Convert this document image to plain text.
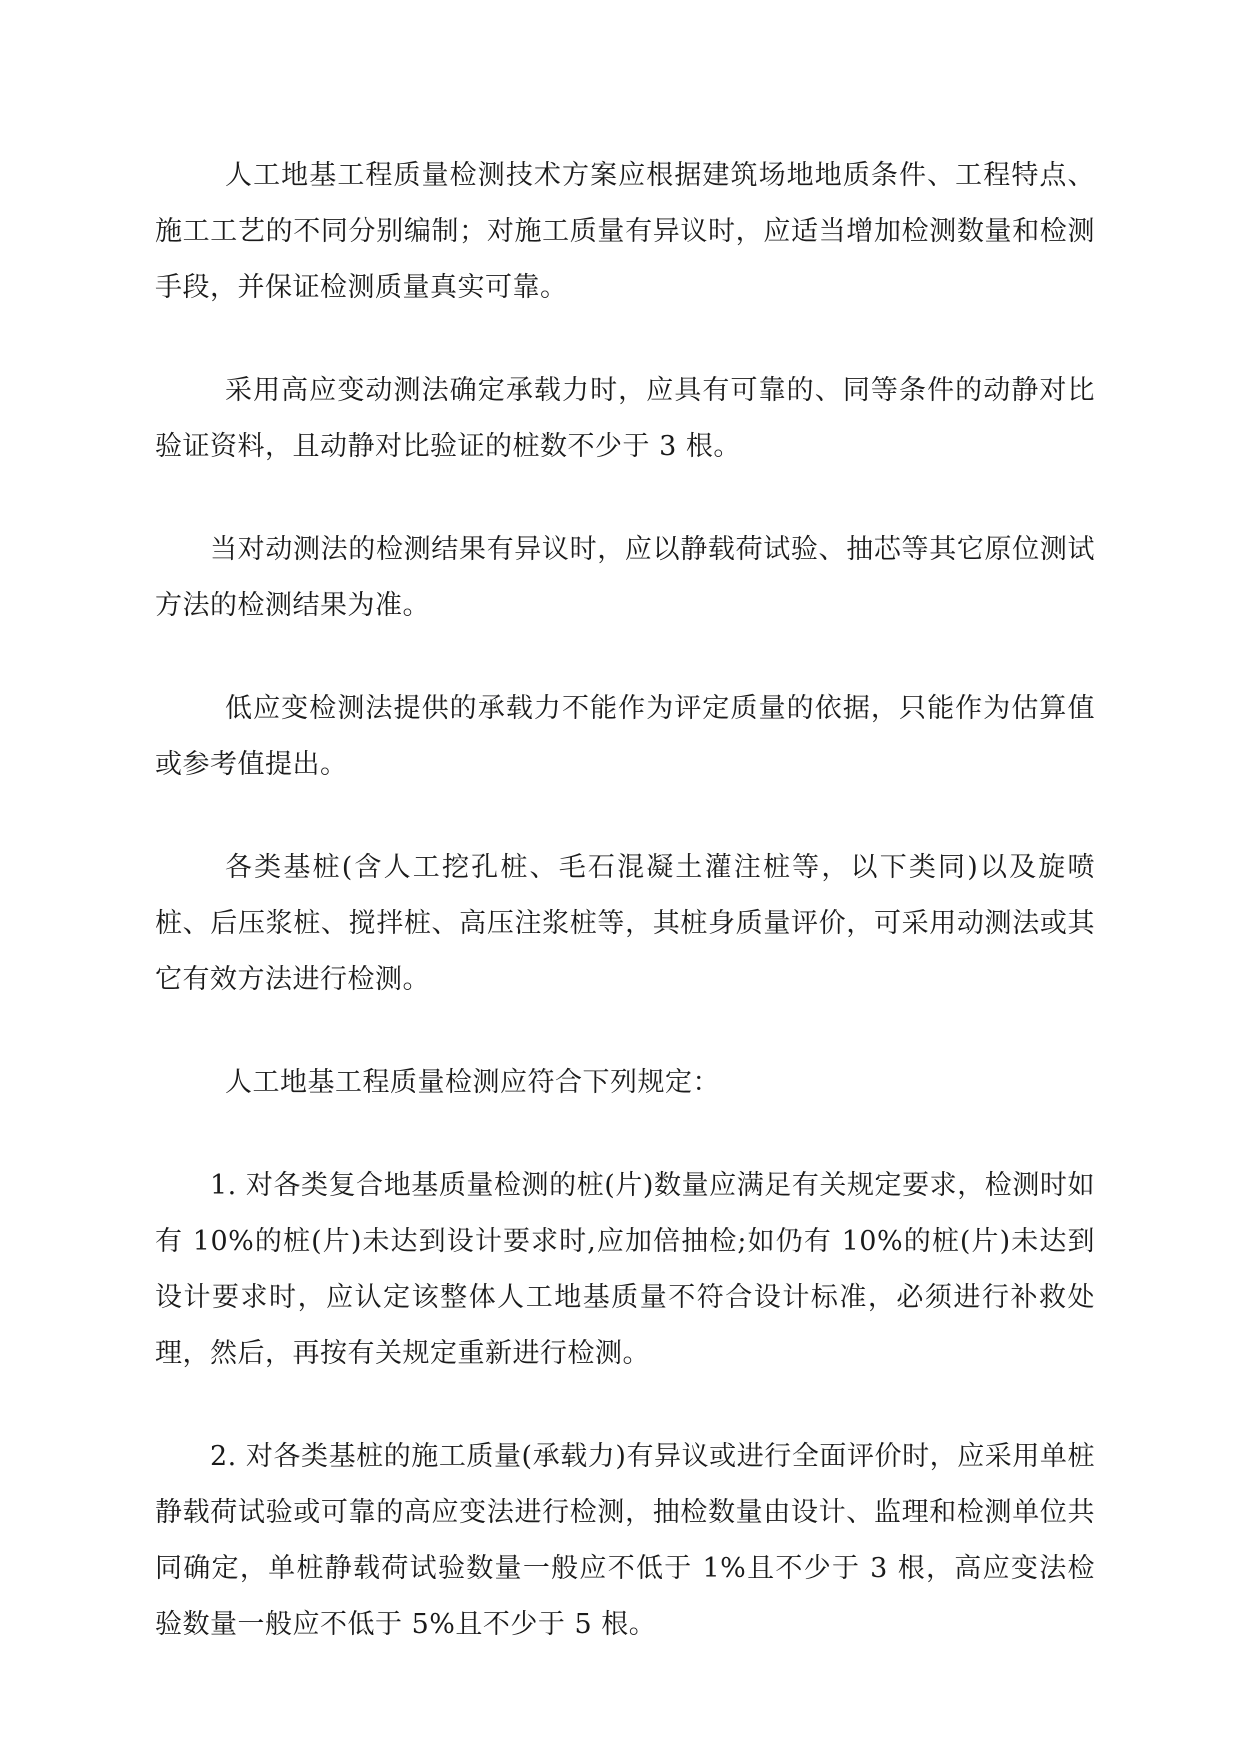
人工地基工程质量检测技术方案应根据建筑场地地质条件、工程特点、施工工艺的不同分别编制；对施工质量有异议时，应适当增加检测数量和检测手段，并保证检测质量真实可靠。

采用高应变动测法确定承载力时，应具有可靠的、同等条件的动静对比验证资料，且动静对比验证的桩数不少于 3 根。

当对动测法的检测结果有异议时，应以静载荷试验、抽芯等其它原位测试方法的检测结果为准。

低应变检测法提供的承载力不能作为评定质量的依据，只能作为估算值或参考值提出。

各类基桩(含人工挖孔桩、毛石混凝土灌注桩等，以下类同)以及旋喷桩、后压浆桩、搅拌桩、高压注浆桩等，其桩身质量评价，可采用动测法或其它有效方法进行检测。

人工地基工程质量检测应符合下列规定：

1. 对各类复合地基质量检测的桩(片)数量应满足有关规定要求，检测时如有 10%的桩(片)未达到设计要求时,应加倍抽检;如仍有 10%的桩(片)未达到设计要求时，应认定该整体人工地基质量不符合设计标准，必须进行补救处理，然后，再按有关规定重新进行检测。

2. 对各类基桩的施工质量(承载力)有异议或进行全面评价时，应采用单桩静载荷试验或可靠的高应变法进行检测，抽检数量由设计、监理和检测单位共同确定，单桩静载荷试验数量一般应不低于 1%且不少于 3 根，高应变法检验数量一般应不低于 5%且不少于 5 根。
